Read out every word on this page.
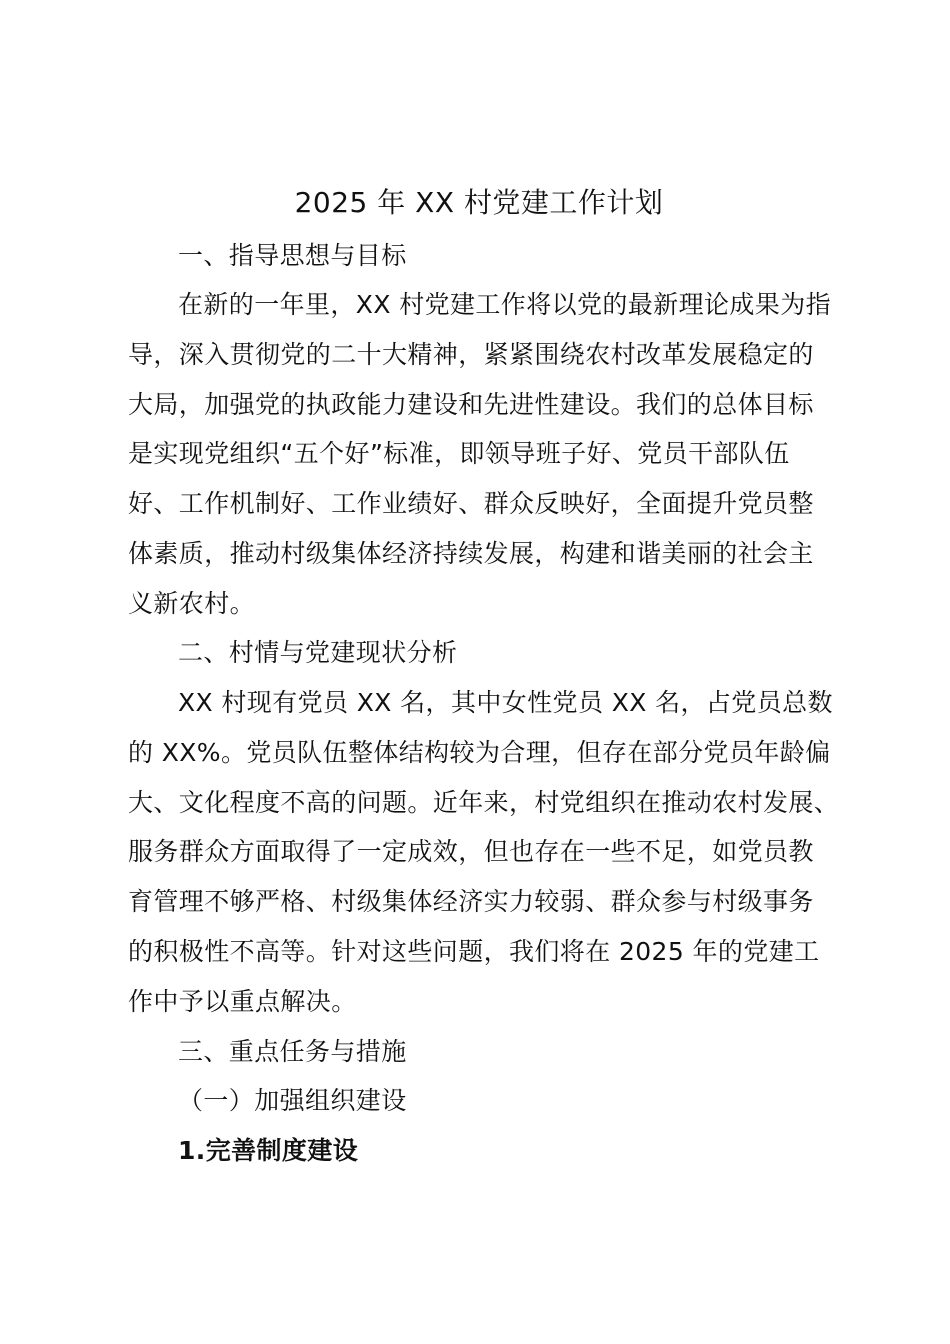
2025 年 XX 村党建工作计划
一、指导思想与目标
在新的一年里，XX 村党建工作将以党的最新理论成果为指
导，深入贯彻党的二十大精神，紧紧围绕农村改革发展稳定的
大局，加强党的执政能力建设和先进性建设。我们的总体目标
是实现党组织“五个好”标准，即领导班子好、党员干部队伍
好、工作机制好、工作业绩好、群众反映好，全面提升党员整
体素质，推动村级集体经济持续发展，构建和谐美丽的社会主
义新农村。
二、村情与党建现状分析
XX 村现有党员 XX 名，其中女性党员 XX 名，占党员总数
的 XX%。党员队伍整体结构较为合理，但存在部分党员年龄偏
大、文化程度不高的问题。近年来，村党组织在推动农村发展、
服务群众方面取得了一定成效，但也存在一些不足，如党员教
育管理不够严格、村级集体经济实力较弱、群众参与村级事务
的积极性不高等。针对这些问题，我们将在 2025 年的党建工
作中予以重点解决。
三、重点任务与措施
（一）加强组织建设
1.完善制度建设
